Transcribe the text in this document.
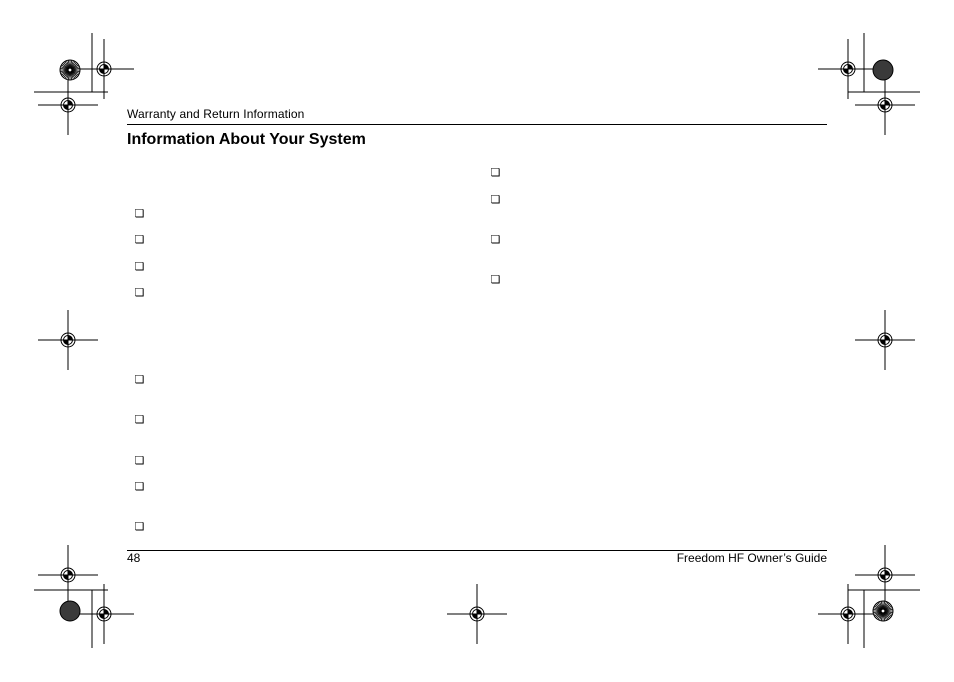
Warranty and Return Information
Information About Your System
❏
❏
❏
❏
❏
❏
❏
❏
❏
❏
❏
❏
❏
48	Freedom HF Owner’s Guide
